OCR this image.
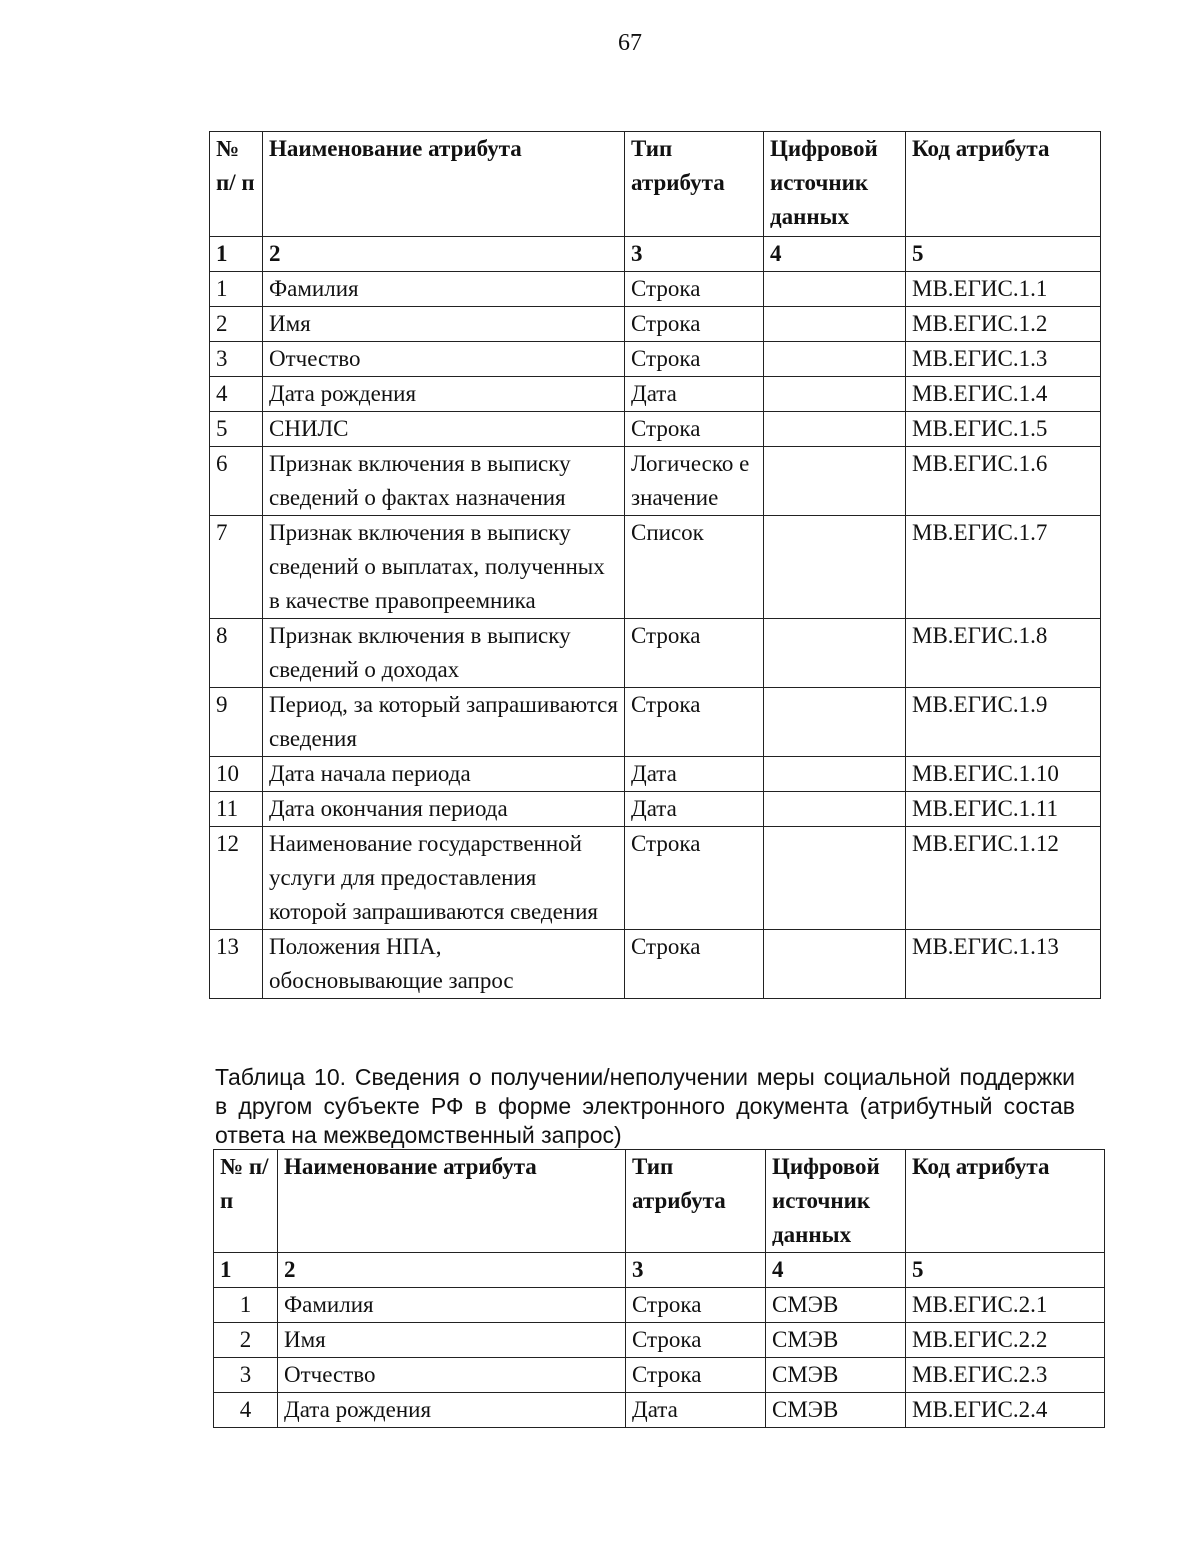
67
№ п/ п	Наименование атрибута	Тип атрибута	Цифровой источник данных	Код атрибута
1	2	3	4	5
1	Фамилия	Строка		МВ.ЕГИС.1.1
2	Имя	Строка		МВ.ЕГИС.1.2
3	Отчество	Строка		МВ.ЕГИС.1.3
4	Дата рождения	Дата		МВ.ЕГИС.1.4
5	СНИЛС	Строка		МВ.ЕГИС.1.5
6	Признак включения в выписку сведений о фактах назначения	Логическо е значение		МВ.ЕГИС.1.6
7	Признак включения в выписку сведений о выплатах, полученных в качестве правопреемника	Список		МВ.ЕГИС.1.7
8	Признак включения в выписку сведений о доходах	Строка		МВ.ЕГИС.1.8
9	Период, за который запрашиваются сведения	Строка		МВ.ЕГИС.1.9
10	Дата начала периода	Дата		МВ.ЕГИС.1.10
11	Дата окончания периода	Дата		МВ.ЕГИС.1.11
12	Наименование государственной услуги для предоставления которой запрашиваются сведения	Строка		МВ.ЕГИС.1.12
13	Положения НПА, обосновывающие запрос	Строка		МВ.ЕГИС.1.13
Таблица 10. Сведения о получении/неполучении меры социальной поддержки в другом субъекте РФ в форме электронного документа (атрибутный состав ответа на межведомственный запрос)
№ п/п	Наименование атрибута	Тип атрибута	Цифровой источник данных	Код атрибута
1	2	3	4	5
1	Фамилия	Строка	СМЭВ	МВ.ЕГИС.2.1
2	Имя	Строка	СМЭВ	МВ.ЕГИС.2.2
3	Отчество	Строка	СМЭВ	МВ.ЕГИС.2.3
4	Дата рождения	Дата	СМЭВ	МВ.ЕГИС.2.4
